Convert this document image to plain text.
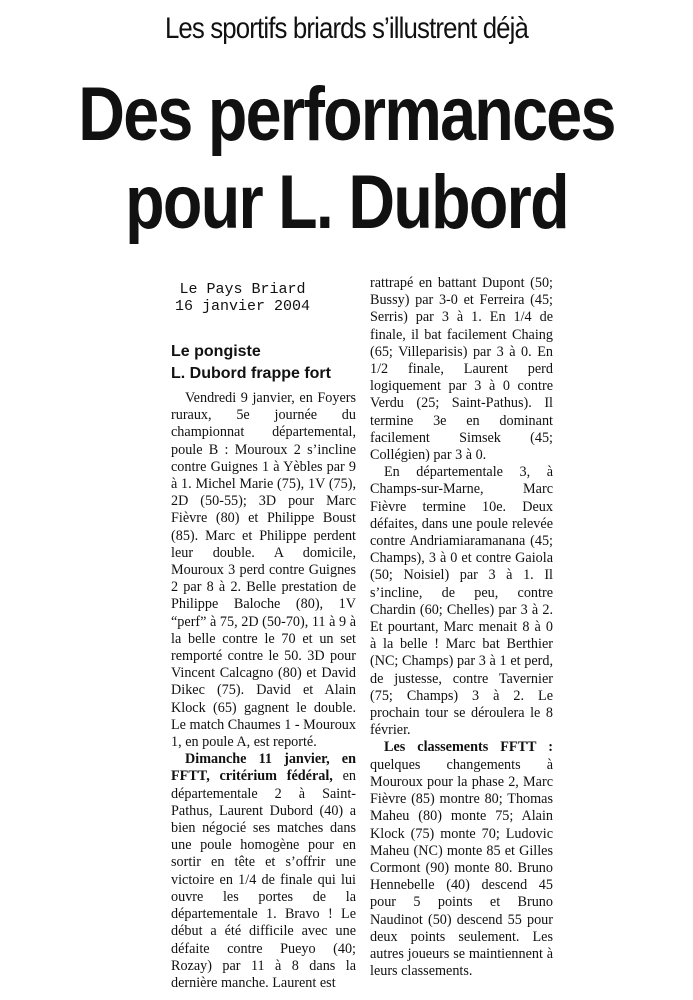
Les sportifs briards s’illustrent déjà
Des performances
pour L. Dubord
Le Pays Briard
16 janvier 2004
Le pongiste
L. Dubord frappe fort

Vendredi 9 janvier, en Foyers ruraux, 5e journée du championnat départemental, poule B : Mouroux 2 s’incline contre Guignes 1 à Yèbles par 9 à 1. Michel Marie (75), 1V (75), 2D (50-55); 3D pour Marc Fièvre (80) et Philippe Boust (85). Marc et Philippe perdent leur double. A domicile, Mouroux 3 perd contre Guignes 2 par 8 à 2. Belle prestation de Philippe Baloche (80), 1V “perf” à 75, 2D (50-70), 11 à 9 à la belle contre le 70 et un set remporté contre le 50. 3D pour Vincent Calcagno (80) et David Dikec (75). David et Alain Klock (65) gagnent le double. Le match Chaumes 1 - Mouroux 1, en poule A, est reporté.

Dimanche 11 janvier, en FFTT, critérium fédéral, en départementale 2 à Saint-Pathus, Laurent Dubord (40) a bien négocié ses matches dans une poule homogène pour en sortir en tête et s’offrir une victoire en 1/4 de finale qui lui ouvre les portes de la départementale 1. Bravo ! Le début a été difficile avec une défaite contre Pueyo (40; Rozay) par 11 à 8 dans la dernière manche. Laurent est

rattrapé en battant Dupont (50; Bussy) par 3-0 et Ferreira (45; Serris) par 3 à 1. En 1/4 de finale, il bat facilement Chaing (65; Villeparisis) par 3 à 0. En 1/2 finale, Laurent perd logiquement par 3 à 0 contre Verdu (25; Saint-Pathus). Il termine 3e en dominant facilement Simsek (45; Collégien) par 3 à 0.

En départementale 3, à Champs-sur-Marne, Marc Fièvre termine 10e. Deux défaites, dans une poule relevée contre Andriamiaramanana (45; Champs), 3 à 0 et contre Gaiola (50; Noisiel) par 3 à 1. Il s’incline, de peu, contre Chardin (60; Chelles) par 3 à 2. Et pourtant, Marc menait 8 à 0 à la belle ! Marc bat Berthier (NC; Champs) par 3 à 1 et perd, de justesse, contre Tavernier (75; Champs) 3 à 2. Le prochain tour se déroulera le 8 février.

Les classements FFTT : quelques changements à Mouroux pour la phase 2, Marc Fièvre (85) montre 80; Thomas Maheu (80) monte 75; Alain Klock (75) monte 70; Ludovic Maheu (NC) monte 85 et Gilles Cormont (90) monte 80. Bruno Hennebelle (40) descend 45 pour 5 points et Bruno Naudinot (50) descend 55 pour deux points seulement. Les autres joueurs se maintiennent à leurs classements.
